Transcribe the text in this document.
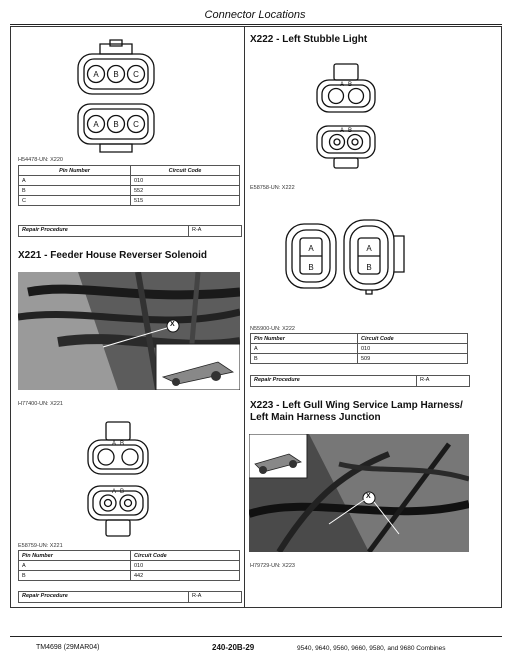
Connector Locations
A B C
A B C
H54478-UN: X220
Pin Number	Circuit Code
A	010
B	552
C	515
Repair Procedure	R-A
X221 - Feeder House Reverser Solenoid
X
H77400-UN: X221
A B
A B
E58759-UN: X221
Pin Number	Circuit Code
A	010
B	442
Repair Procedure	R-A
X222 - Left Stubble Light
A B
A B
E58758-UN: X222
A
B
A
B
N55900-UN: X222
Pin Number	Circuit Code
A	010
B	509
Repair Procedure	R-A
X223 - Left Gull Wing Service Lamp Harness/
Left Main Harness Junction
X
H79729-UN: X223
TM4698 (29MAR04)	240-20B-29	9540, 9640, 9560, 9660, 9580, and 9680 Combines
